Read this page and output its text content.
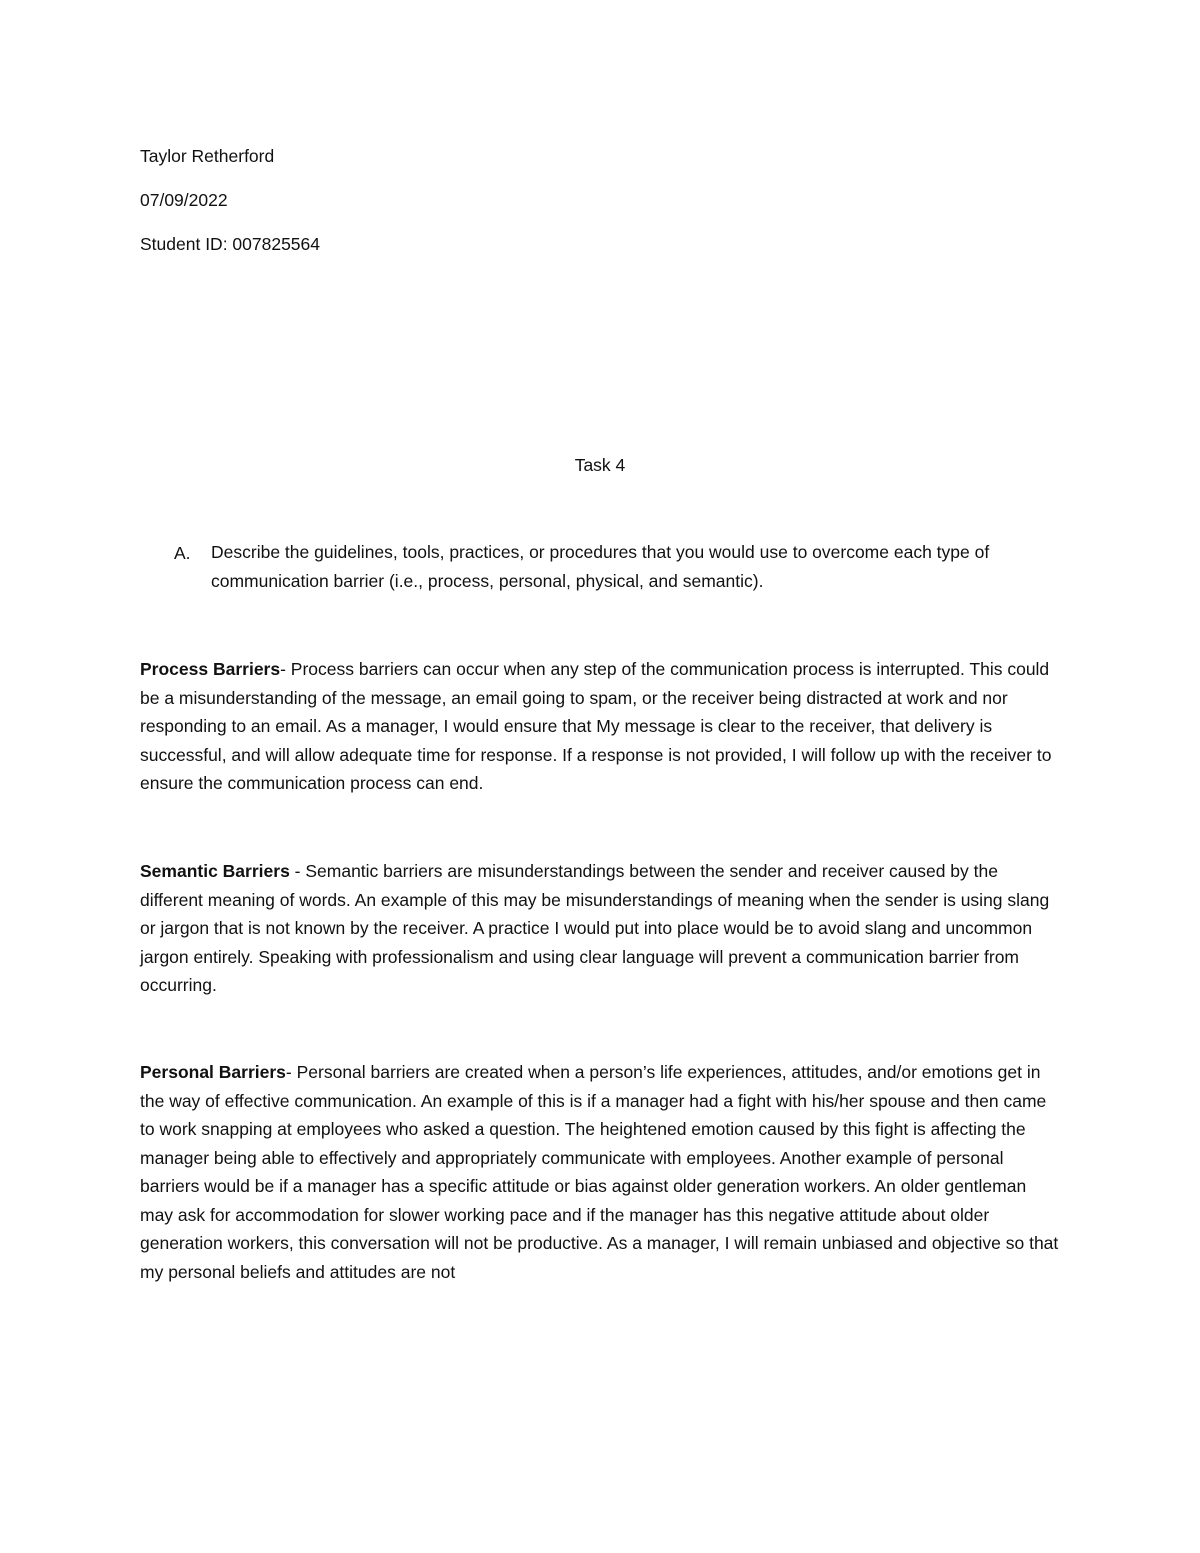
Taylor Retherford
07/09/2022
Student ID: 007825564
Task 4
A. Describe the guidelines, tools, practices, or procedures that you would use to overcome each type of communication barrier (i.e., process, personal, physical, and semantic).
Process Barriers- Process barriers can occur when any step of the communication process is interrupted. This could be a misunderstanding of the message, an email going to spam, or the receiver being distracted at work and nor responding to an email. As a manager, I would ensure that My message is clear to the receiver, that delivery is successful, and will allow adequate time for response. If a response is not provided, I will follow up with the receiver to ensure the communication process can end.
Semantic Barriers - Semantic barriers are misunderstandings between the sender and receiver caused by the different meaning of words. An example of this may be misunderstandings of meaning when the sender is using slang or jargon that is not known by the receiver. A practice I would put into place would be to avoid slang and uncommon jargon entirely. Speaking with professionalism and using clear language will prevent a communication barrier from occurring.
Personal Barriers- Personal barriers are created when a person’s life experiences, attitudes, and/or emotions get in the way of effective communication. An example of this is if a manager had a fight with his/her spouse and then came to work snapping at employees who asked a question. The heightened emotion caused by this fight is affecting the manager being able to effectively and appropriately communicate with employees. Another example of personal barriers would be if a manager has a specific attitude or bias against older generation workers. An older gentleman may ask for accommodation for slower working pace and if the manager has this negative attitude about older generation workers, this conversation will not be productive. As a manager, I will remain unbiased and objective so that my personal beliefs and attitudes are not
